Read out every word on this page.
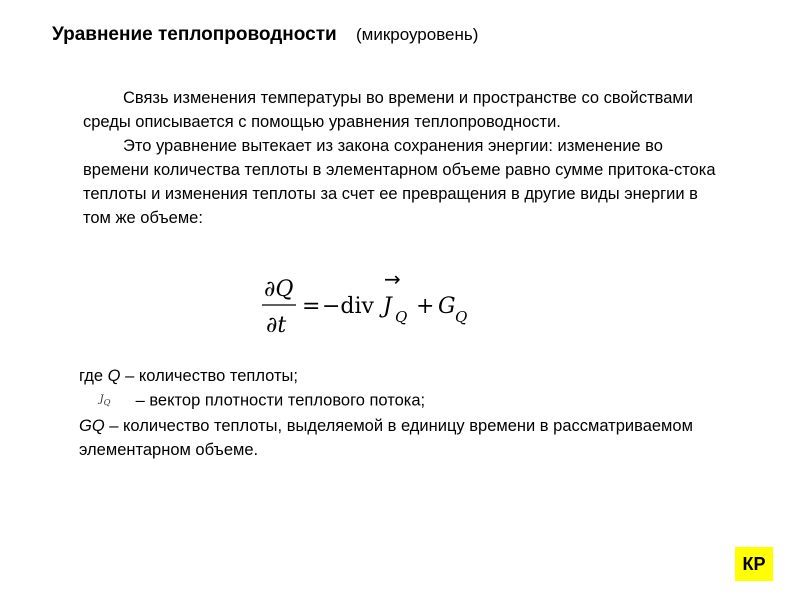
Уравнение теплопроводности (микроуровень)

Связь изменения температуры во времени и пространстве со свойствами среды описывается с помощью уравнения теплопроводности.

Это уравнение вытекает из закона сохранения энергии: изменение во времени количества теплоты в элементарном объеме равно сумме притока-стока теплоты и изменения теплоты за счет ее превращения в другие виды энергии в том же объеме:

∂Q
∂t
= −div
→
J Q + G Q

где Q – количество теплоты;

$J_Q$ – вектор плотности теплового потока;

GQ – количество теплоты, выделяемой в единицу времени в рассматриваемом элементарном объеме.

КР
